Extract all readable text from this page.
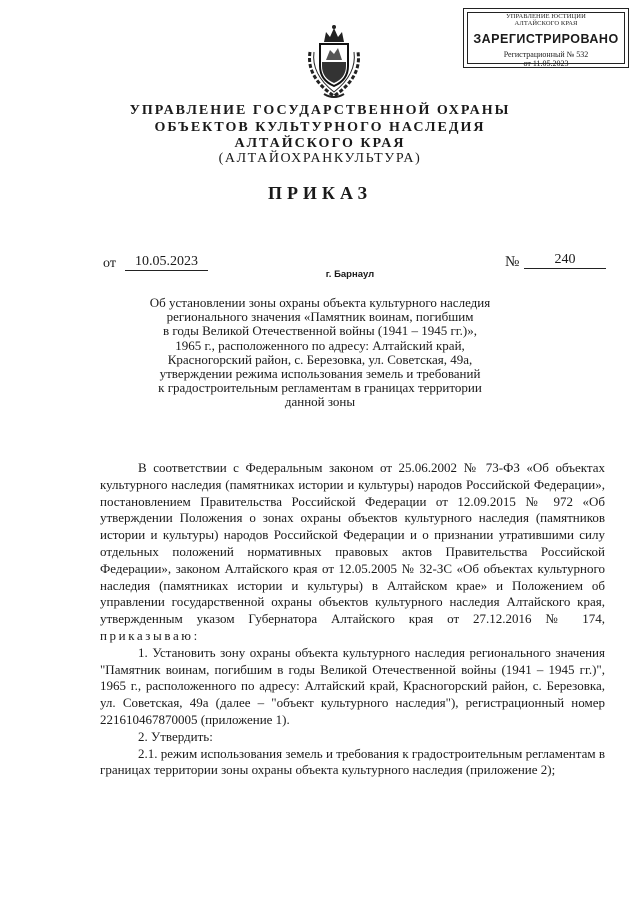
УПРАВЛЕНИЕ ЮСТИЦИИ АЛТАЙСКОГО КРАЯ
ЗАРЕГИСТРИРОВАНО
Регистрационный № 532
от 11.05.2023
УПРАВЛЕНИЕ ГОСУДАРСТВЕННОЙ ОХРАНЫ
ОБЪЕКТОВ КУЛЬТУРНОГО НАСЛЕДИЯ
АЛТАЙСКОГО КРАЯ
(АЛТАЙОХРАНКУЛЬТУРА)
ПРИКАЗ
от	10.05.2023	№	240
г. Барнаул
Об установлении зоны охраны объекта культурного наследия
регионального значения «Памятник воинам, погибшим
в годы Великой Отечественной войны (1941 – 1945 гг.)»,
1965 г., расположенного по адресу: Алтайский край,
Красногорский район, с. Березовка, ул. Советская, 49а,
утверждении режима использования земель и требований
к градостроительным регламентам в границах территории
данной зоны

В соответствии с Федеральным законом от 25.06.2002 № 73-ФЗ «Об объектах культурного наследия (памятниках истории и культуры) народов Российской Федерации», постановлением Правительства Российской Федерации от 12.09.2015 № 972 «Об утверждении Положения о зонах охраны объектов культурного наследия (памятников истории и культуры) народов Российской Федерации и о признании утратившими силу отдельных положений нормативных правовых актов Правительства Российской Федерации», законом Алтайского края от 12.05.2005 № 32-ЗС «Об объектах культурного наследия (памятниках истории и культуры) в Алтайском крае» и Положением об управлении государственной охраны объектов культурного наследия Алтайского края, утвержденным указом Губернатора Алтайского края от 27.12.2016 № 174, приказываю:

1. Установить зону охраны объекта культурного наследия регионального значения "Памятник воинам, погибшим в годы Великой Отечественной войны (1941 – 1945 гг.)", 1965 г., расположенного по адресу: Алтайский край, Красногорский район, с. Березовка, ул. Советская, 49а (далее – "объект культурного наследия"), регистрационный номер 221610467870005 (приложение 1).

2. Утвердить:

2.1. режим использования земель и требования к градостроительным регламентам в границах территории зоны охраны объекта культурного наследия (приложение 2);
